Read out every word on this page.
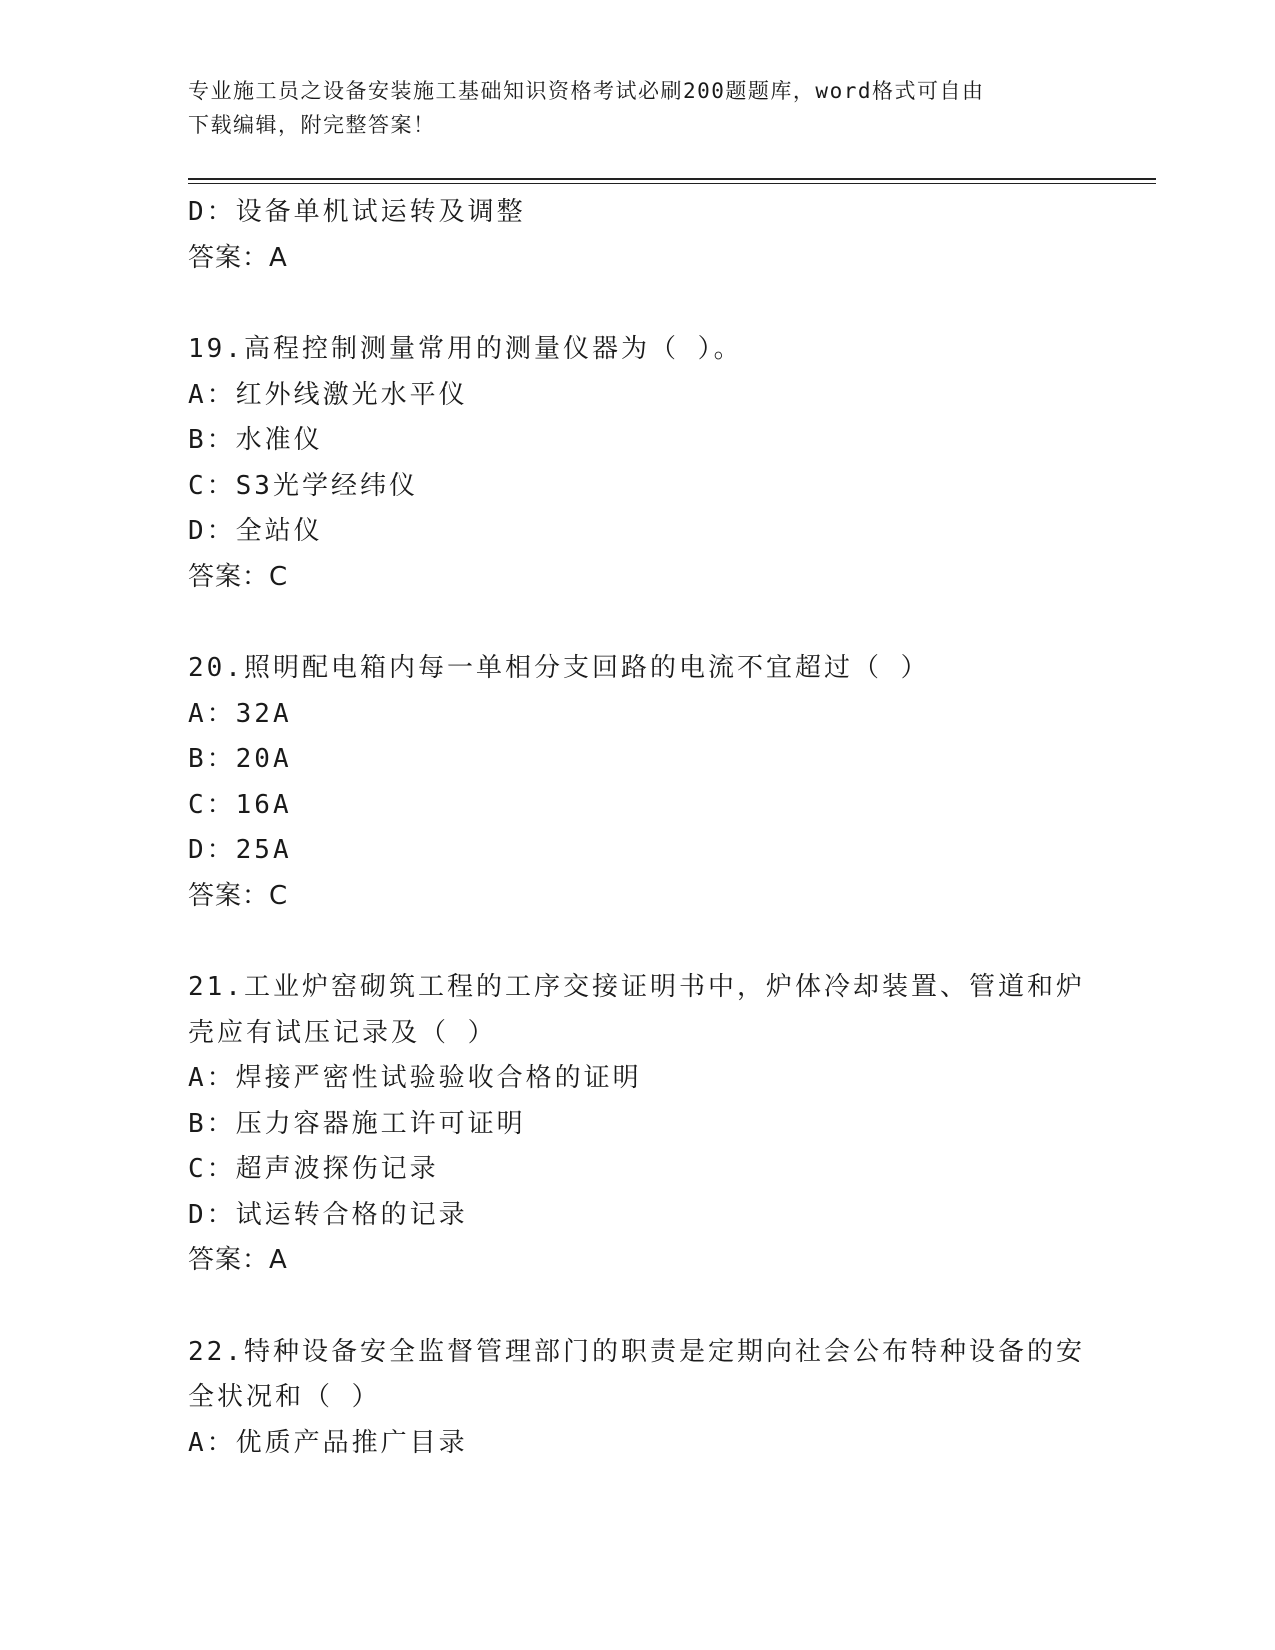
专业施工员之设备安装施工基础知识资格考试必刷200题题库，word格式可自由
下载编辑，附完整答案！
D：设备单机试运转及调整
答案：A
19.高程控制测量常用的测量仪器为（ ）。
A：红外线激光水平仪
B：水准仪
C：S3光学经纬仪
D：全站仪
答案：C
20.照明配电箱内每一单相分支回路的电流不宜超过（ ）
A：32A
B：20A
C：16A
D：25A
答案：C
21.工业炉窑砌筑工程的工序交接证明书中，炉体冷却装置、管道和炉
壳应有试压记录及（ ）
A：焊接严密性试验验收合格的证明
B：压力容器施工许可证明
C：超声波探伤记录
D：试运转合格的记录
答案：A
22.特种设备安全监督管理部门的职责是定期向社会公布特种设备的安
全状况和（ ）
A：优质产品推广目录
